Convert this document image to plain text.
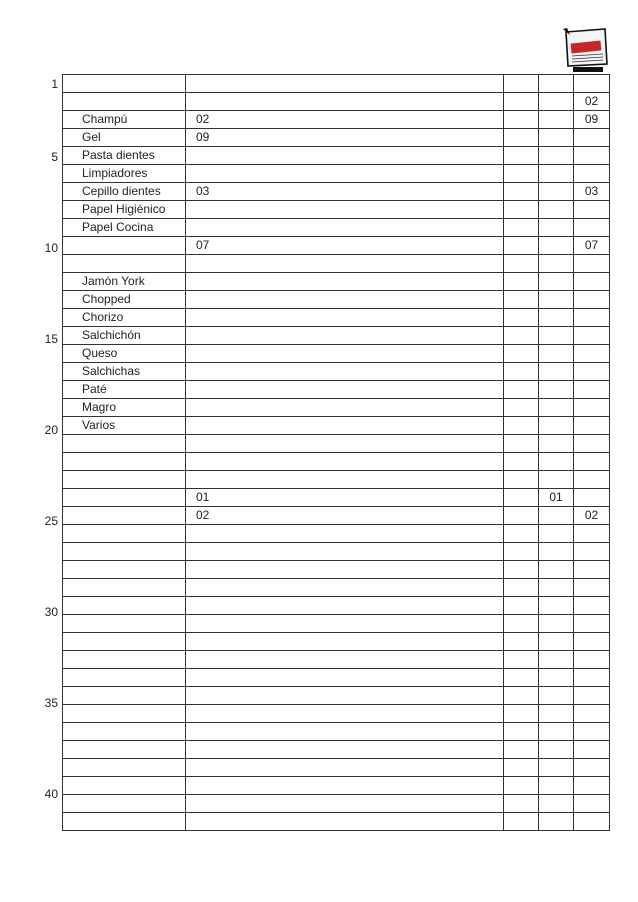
1
5
10
15
20
25
30
35
40

				02
Champú	02			09
Gel	09			
Pasta dientes				
Limpiadores				
Cepillo dientes	03			03
Papel Higiénico				
Papel Cocina				
	07			07

Jamón York				
Chopped				
Chorizo				
Salchichón				
Queso				
Salchichas				
Paté				
Magro				
Varios				

	01		01	
	02			02
